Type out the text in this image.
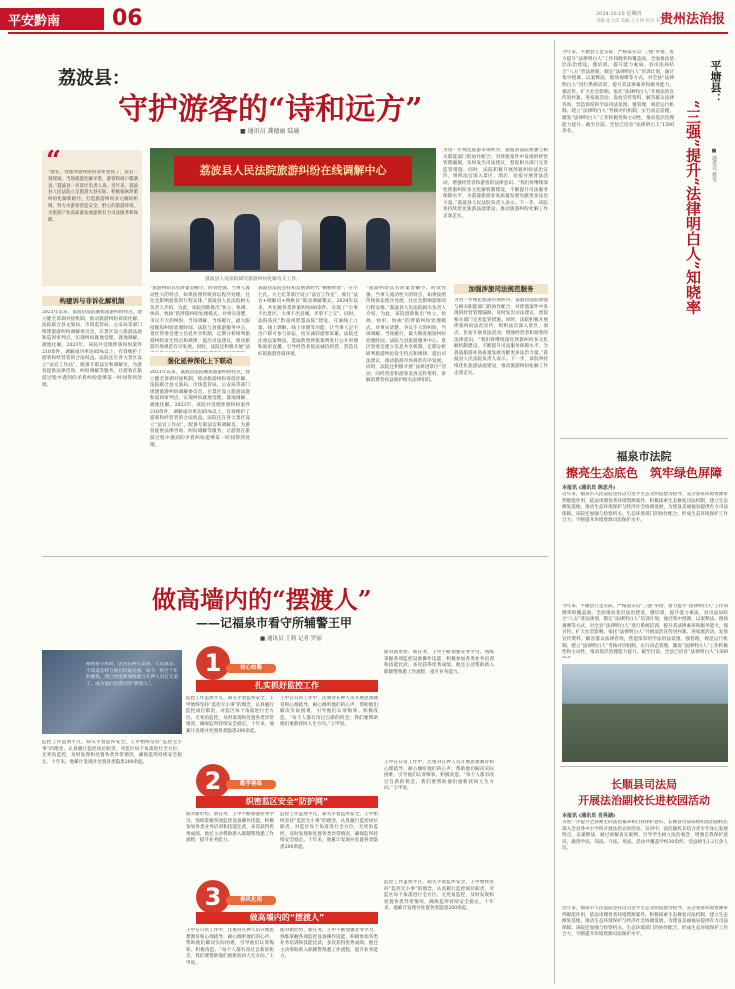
平安黔南 06	2024.10.10 星期四
责编 张大伟 美编 王小明 校对 李 强
贵州法治报
荔波县：
守护游客的“诗和远方”
■ 通讯员 龚德丽 陆瑜
“
“现在，处理涉旅纠纷的效率更高了，法官一到现场，当场就能化解矛盾，游客和商户都满意。”荔波县一名景区负责人说。近年来，荔波县人民法院立足旅游大县实际，积极探索涉旅纠纷化解新路径，打造旅游纠纷多元解纷机制，努力为游客营造安全、舒心的旅游环境，为旅游产业高质量发展提供有力司法服务和保障。
荔波县人民法院旅游纠纷在线调解中心
荔波县人民法院研究旅游纠纷化解有关工作。
为进一步规范旅游市场秩序，荔波县法院加强与相关职能部门的协作配合，对涉旅案件中发现的经营管理漏洞，及时发出司法建议，督促相关部门完善监管措施。同时，法院积极开展涉旅纠纷法治宣传，组织法官深入景区、酒店、民宿开展普法活动，增强经营者和游客的法律意识。“我们将继续深化涉旅纠纷多元化解机制建设，不断提升司法服务保障水平，为荔波旅游业高质量发展贡献更多法治力量。”荔波县人民法院负责人表示。下一步，该院将持续优化旅游法庭建设，推动旅游纠纷化解工作走深走实。
构建诉与非诉化解机制
2021年以来，荔波县法院聚焦旅游纠纷特点，建立健全诉调对接机制，推动旅游纠纷诉前化解。法院联合县文旅局、市场监管局、公安局等部门组建旅游纠纷调解委员会，在景区设立旅游法庭和巡回审判点，实现纠纷就地受理、就地调解、就地化解。2023年，该院共受理涉旅纠纷案件210余件，调解成功率达85%以上，有效维护了游客和经营者的合法权益。法院还在各大景区设立“法官工作站”，配备专职法官和调解员，为游客提供法律咨询、纠纷调解等服务，让游客在旅游过程中遇到的矛盾纠纷能够第一时间得到处理。
“旅游纠纷具有涉案金额小、时效性强、当事人流动性大的特点，如果按照传统诉讼程序处理，往往会影响游客的行程安排。”荔波县人民法院相关负责人介绍，为此，该院创新推出“快立、快调、快审、快执”的涉旅纠纷处理模式，对事实清楚、争议不大的纠纷，当场调解、当场履行，最大限度缩短纠纷处理时间。法院与县旅游服务中心、景区管委会建立信息共享机制，定期分析研判旅游纠纷发生特点和规律，提出司法建议，推动旅游市场规范有序发展。同时，法院还积极开展“法
强化延伸深化上下联动
2021年以来，荔波县法院聚焦旅游纠纷特点，建立健全诉调对接机制，推动旅游纠纷诉前化解。法院联合县文旅局、市场监管局、公安局等部门组建旅游纠纷调解委员会，在景区设立旅游法庭和巡回审判点，实现纠纷就地受理、就地调解、就地化解。2023年，该院共受理涉旅纠纷案件210余件，调解成功率达85%以上，有效维护了游客和经营者的合法权益。法院还在各大景区设立“法官工作站”，配备专职法官和调解员，为游客提供法律咨询、纠纷调解等服务，让游客在旅游过程中遇到的矛盾纠纷能够第一时间得到处理。
荔波县法院坚持和发展新时代“枫桥经验”，在小七孔、大七孔等景区设立“法官工作室”，推行“法官+调解员+网格员”联动调解模式。2024年以来，共化解各类涉旅纠纷80余件，实现了“小事不出景区、大事不出县城、矛盾不上交”。同时，法院依托“黔南州智慧法院”建设，开通线上立案、线上调解、线上审理等功能，让当事人足不出户即可参与诉讼，切实减轻游客诉累。法院还注重以案释法，选取典型涉旅案例进行公开审理和庭审直播，引导经营者依法诚信经营，营造良好的旅游营商环境。
“旅游纠纷具有涉案金额小、时效性强、当事人流动性大的特点，如果按照传统诉讼程序处理，往往会影响游客的行程安排。”荔波县人民法院相关负责人介绍，为此，该院创新推出“快立、快调、快审、快执”的涉旅纠纷处理模式，对事实清楚、争议不大的纠纷，当场调解、当场履行，最大限度缩短纠纷处理时间。法院与县旅游服务中心、景区管委会建立信息共享机制，定期分析研判旅游纠纷发生特点和规律，提出司法建议，推动旅游市场规范有序发展。同时，法院还积极开展“法律进景区”活动，向经营者和游客发放宣传资料，讲解消费者权益保护相关法律知识。
加强涉旅司法规范服务
为进一步规范旅游市场秩序，荔波县法院加强与相关职能部门的协作配合，对涉旅案件中发现的经营管理漏洞，及时发出司法建议，督促相关部门完善监管措施。同时，法院积极开展涉旅纠纷法治宣传，组织法官深入景区、酒店、民宿开展普法活动，增强经营者和游客的法律意识。“我们将继续深化涉旅纠纷多元化解机制建设，不断提升司法服务保障水平，为荔波旅游业高质量发展贡献更多法治力量。”荔波县人民法院负责人表示。下一步，该院将持续优化旅游法庭建设，推动旅游纠纷化解工作走深走实。
做高墙内的“摆渡人”
——记福泉市看守所辅警王甲
■ 通讯员 王莉 记者 罗丽
刚到看守所时，因为在押人员多、人员复杂，不知道怎样与他们沟通交流。如今，经过十年的磨炼，我已经能够熟练地与在押人员打交道了，成为他们信得过的“摆渡人”。
1	初心如磐
扎实抓好监控工作
监控工作虽然平凡，却关乎着监所安全。王甲始终坚持“监控无小事”的理念，认真履行监控岗位职责，对监区每个角落进行全方位、无死角监控，及时发现和处置各类异常情况，确保监所持续安全稳定。十年来，他累计发现并处置各类隐患200余起。
王甲在日常工作中，注重对在押人员开展思想教育和心理疏导，耐心倾听他们的心声，帮助他们解决实际困难，引导他们认罪悔罪、积极改造。“每个人都有改过自新的机会，我们要帮助他们重新找回人生方向。”王甲说。
面对新形势、新任务，王甲不断加强业务学习，熟练掌握各项监控设备操作技能，积极参加各类业务培训和技能比武，多次获得优秀成绩。他还主动帮助新入职辅警熟悉工作流程，提升业务能力。
2	勤学善练
织密监区安全“防护网”
面对新形势、新任务，王甲不断加强业务学习，熟练掌握各项监控设备操作技能，积极参加各类业务培训和技能比武，多次获得优秀成绩。他还主动帮助新入职辅警熟悉工作流程，提升业务能力。
监控工作虽然平凡，却关乎着监所安全。王甲始终坚持“监控无小事”的理念，认真履行监控岗位职责，对监区每个角落进行全方位、无死角监控，及时发现和处置各类异常情况，确保监所持续安全稳定。十年来，他累计发现并处置各类隐患200余起。
王甲在日常工作中，注重对在押人员开展思想教育和心理疏导，耐心倾听他们的心声，帮助他们解决实际困难，引导他们认罪悔罪、积极改造。“每个人都有改过自新的机会，我们要帮助他们重新找回人生方向。”王甲说。
3	春风化雨
做高墙内的“摆渡人”
王甲在日常工作中，注重对在押人员开展思想教育和心理疏导，耐心倾听他们的心声，帮助他们解决实际困难，引导他们认罪悔罪、积极改造。“每个人都有改过自新的机会，我们要帮助他们重新找回人生方向。”王甲说。
面对新形势、新任务，王甲不断加强业务学习，熟练掌握各项监控设备操作技能，积极参加各类业务培训和技能比武，多次获得优秀成绩。他还主动帮助新入职辅警熟悉工作流程，提升业务能力。
监控工作虽然平凡，却关乎着监所安全。王甲始终坚持“监控无小事”的理念，认真履行监控岗位职责，对监区每个角落进行全方位、无死角监控，及时发现和处置各类异常情况，确保监所持续安全稳定。十年来，他累计发现并处置各类隐患200余起。
监控工作虽然平凡，却关乎着监所安全。王甲始终坚持“监控无小事”的理念，认真履行监控岗位职责，对监区每个角落进行全方位、无死角监控，及时发现和处置各类异常情况，确保监所持续安全稳定。十年来，他累计发现并处置各类隐患200余起。
平塘县：
“三强”提升“法律明白人”知晓率	■ 通讯员 蔡雪
今年来，平塘县立足实际，严格落实以“三强”举措，着力提升“法律明白人”工作知晓率和覆盖面，全面推动基层法治建设。强培训，提升能力素质。县司法局结合“八五”普法规划，制定“法律明白人”培训计划，通过集中授课、以案释法、现场观摩等方式，对全县“法律明白人”进行系统培训，提升其法律素养和服务能力。强宣传，扩大社会影响。依托“法律明白人”开展法治宣传进村寨、进家庭活动，发放宣传资料，解答群众法律咨询，营造浓厚的学法用法氛围。强管理，规范运行机制。建立“法律明白人”考核评价机制，实行动态管理，激发“法律明白人”工作积极性和主动性，推动基层治理能力提升。截至目前，全县已培育“法律明白人”1500余名。
福泉市法院
擦亮生态底色　筑牢绿色屏障
本报讯 (通讯员 陈思丹)
近年来，福泉市人民法院坚持以习近平生态文明思想为指导，充分发挥环境资源审判职能作用，依法审理各类环境资源案件，积极探索生态修复司法机制，建立生态修复基地，推动生态环境保护与经济社会协调发展，为建设美丽福泉提供有力司法保障。该院还加强与检察机关、生态环境部门的协作配合，形成生态环境保护工作合力，不断提升环境资源司法保护水平。
今年来，平塘县立足实际，严格落实以“三强”举措，着力提升“法律明白人”工作知晓率和覆盖面，全面推动基层法治建设。强培训，提升能力素质。县司法局结合“八五”普法规划，制定“法律明白人”培训计划，通过集中授课、以案释法、现场观摩等方式，对全县“法律明白人”进行系统培训，提升其法律素养和服务能力。强宣传，扩大社会影响。依托“法律明白人”开展法治宣传进村寨、进家庭活动，发放宣传资料，解答群众法律咨询，营造浓厚的学法用法氛围。强管理，规范运行机制。建立“法律明白人”考核评价机制，实行动态管理，激发“法律明白人”工作积极性和主动性，推动基层治理能力提升。截至目前，全县已培育“法律明白人”1500
长顺县司法局
开展法治副校长进校园活动
本报讯 (通讯员 肖英湖)
为进一步提升全县师生的法治素养和自我保护意识，长顺县司法局组织法治副校长深入全县各中小学校开展法治宣讲活动。宣讲中，法治副校长结合青少年身心发展特点，以案释法，通过讲解真实案例，引导学生树立法治观念，增强自我保护意识，做到学法、知法、守法、用法。活动共覆盖学校30余所，受益师生1.2万余人次。
近年来，福泉市人民法院坚持以习近平生态文明思想为指导，充分发挥环境资源审判职能作用，依法审理各类环境资源案件，积极探索生态修复司法机制，建立生态修复基地，推动生态环境保护与经济社会协调发展，为建设美丽福泉提供有力司法保障。该院还加强与检察机关、生态环境部门的协作配合，形成生态环境保护工作合力，不断提升环境资源司法保护水平。
